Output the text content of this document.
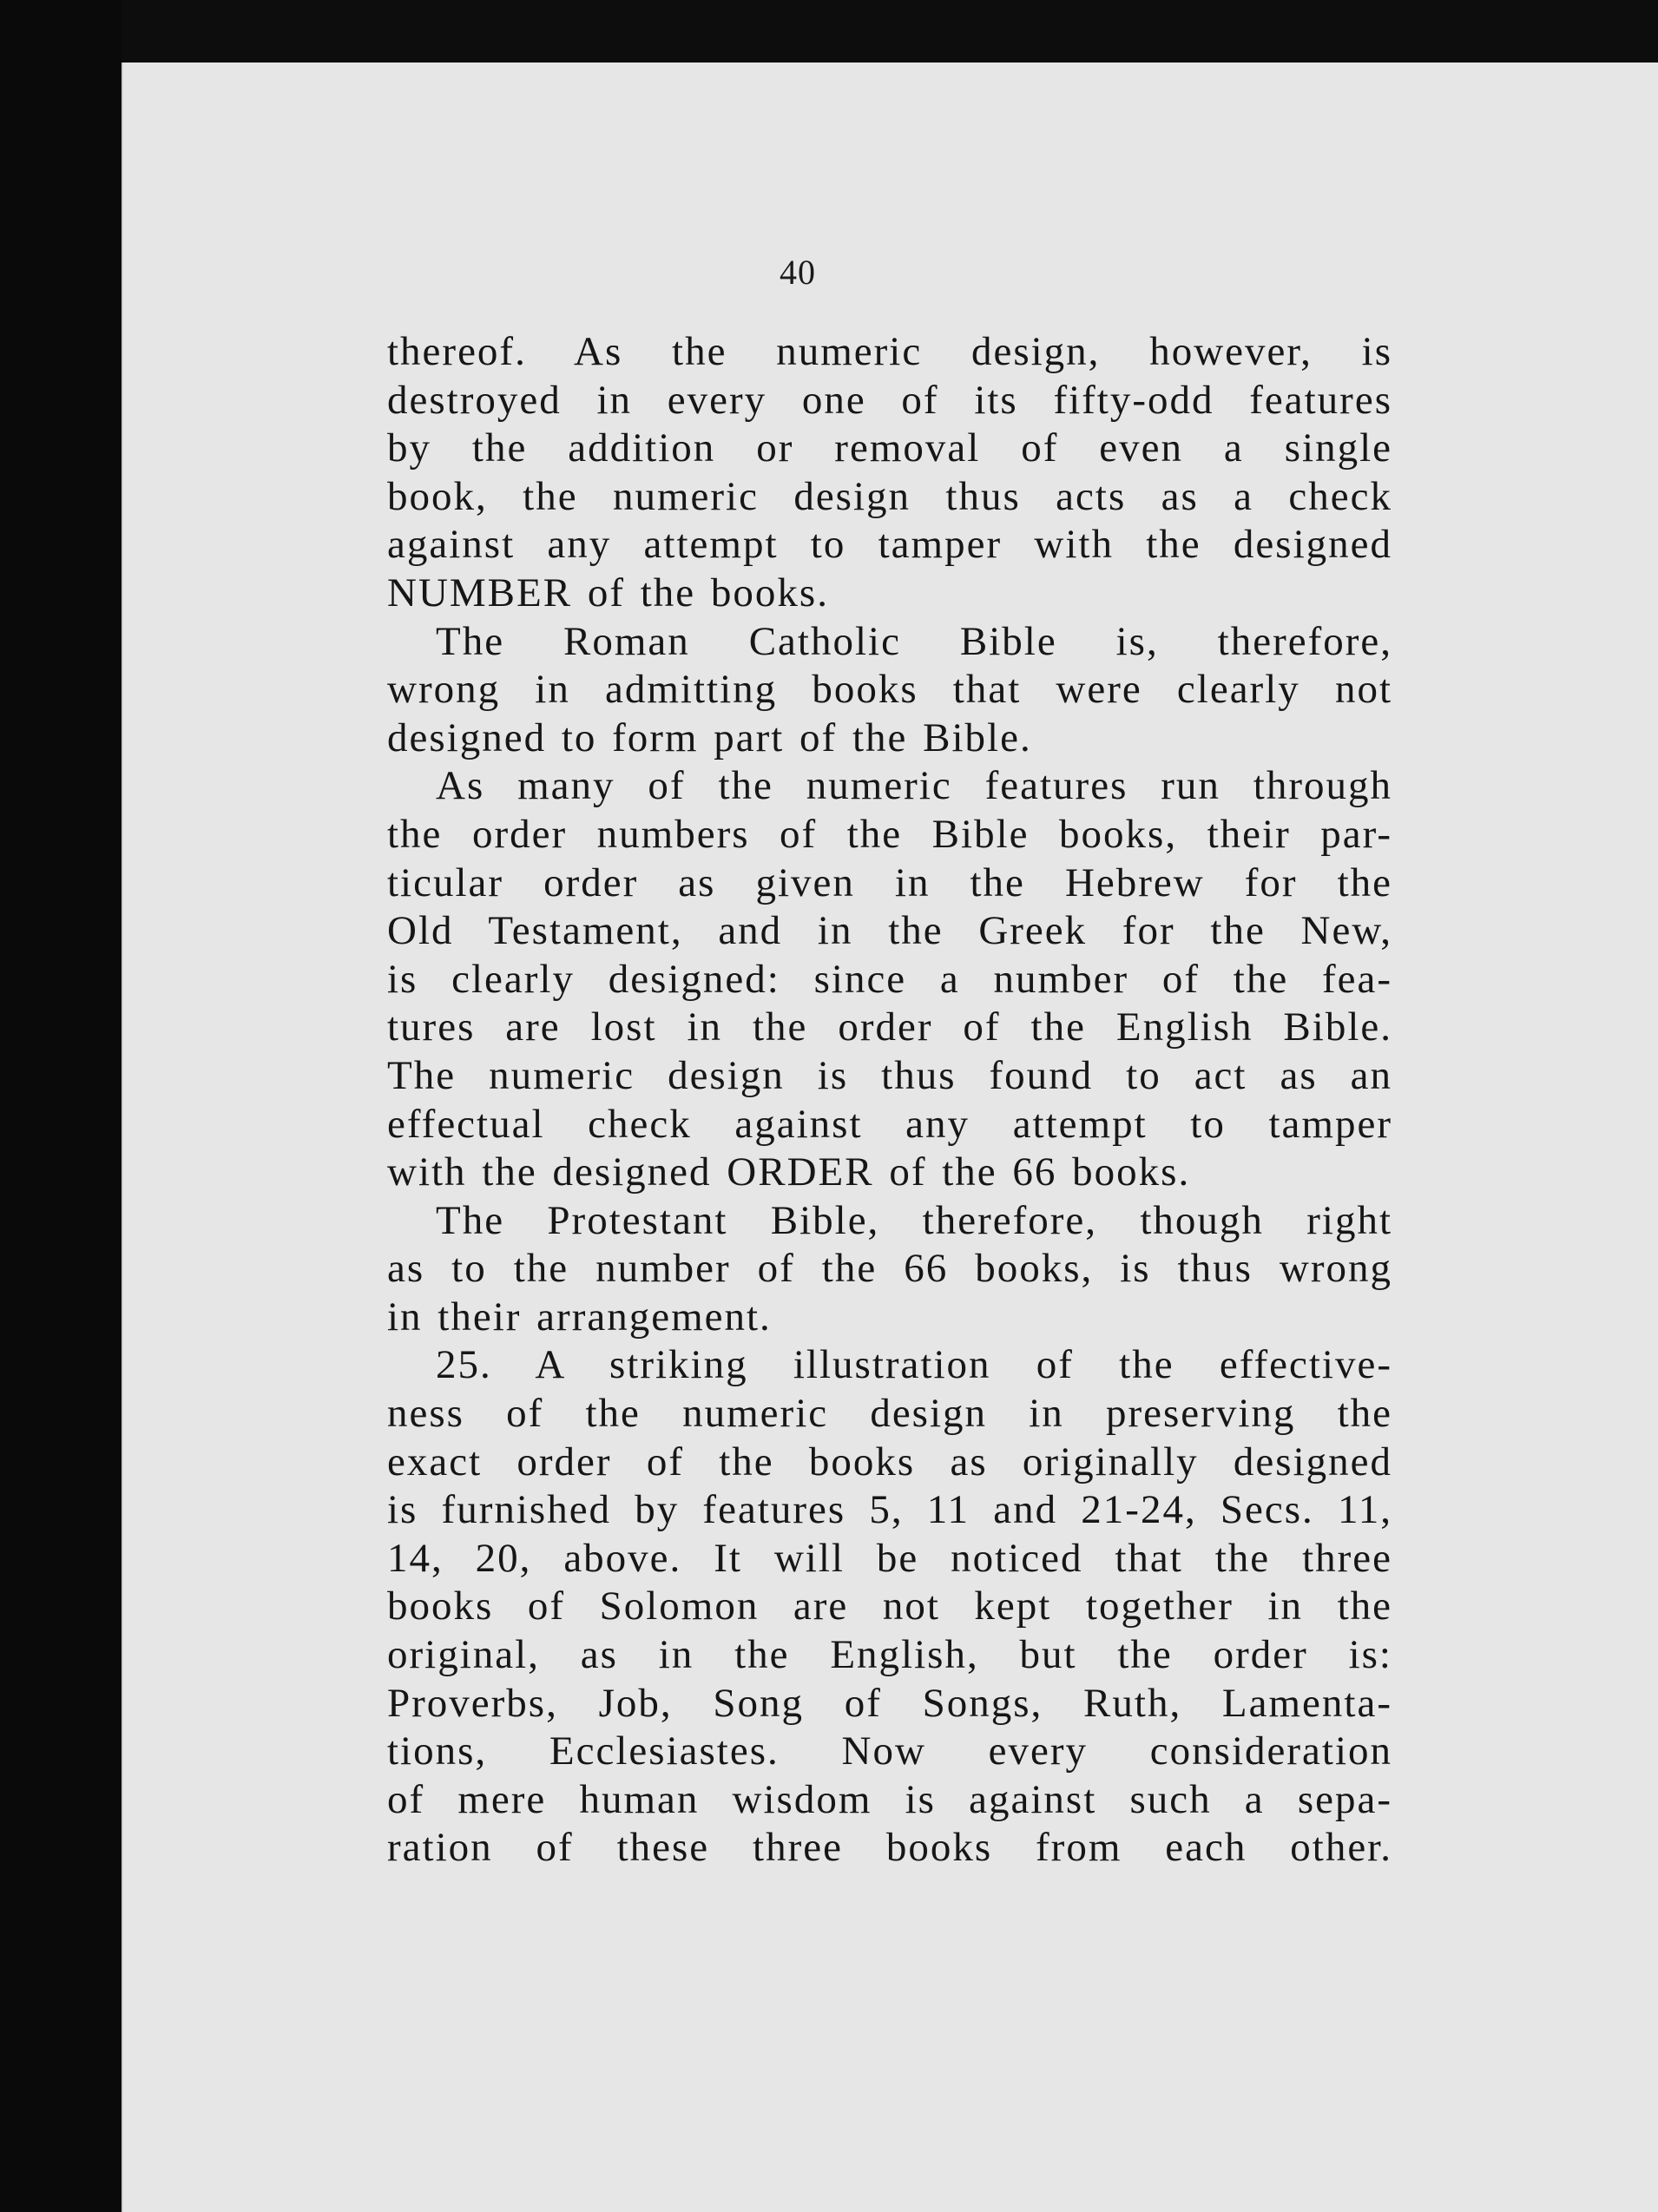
40

thereof. As the numeric design, however, is
destroyed in every one of its fifty-odd features
by the addition or removal of even a single
book, the numeric design thus acts as a check
against any attempt to tamper with the designed
NUMBER of the books.

The Roman Catholic Bible is, therefore,
wrong in admitting books that were clearly not
designed to form part of the Bible.

As many of the numeric features run through
the order numbers of the Bible books, their par-
ticular order as given in the Hebrew for the
Old Testament, and in the Greek for the New,
is clearly designed: since a number of the fea-
tures are lost in the order of the English Bible.
The numeric design is thus found to act as an
effectual check against any attempt to tamper
with the designed ORDER of the 66 books.

The Protestant Bible, therefore, though right
as to the number of the 66 books, is thus wrong
in their arrangement.

25. A striking illustration of the effective-
ness of the numeric design in preserving the
exact order of the books as originally designed
is furnished by features 5, 11 and 21-24, Secs. 11,
14, 20, above. It will be noticed that the three
books of Solomon are not kept together in the
original, as in the English, but the order is:
Proverbs, Job, Song of Songs, Ruth, Lamenta-
tions, Ecclesiastes. Now every consideration
of mere human wisdom is against such a sepa-
ration of these three books from each other.
